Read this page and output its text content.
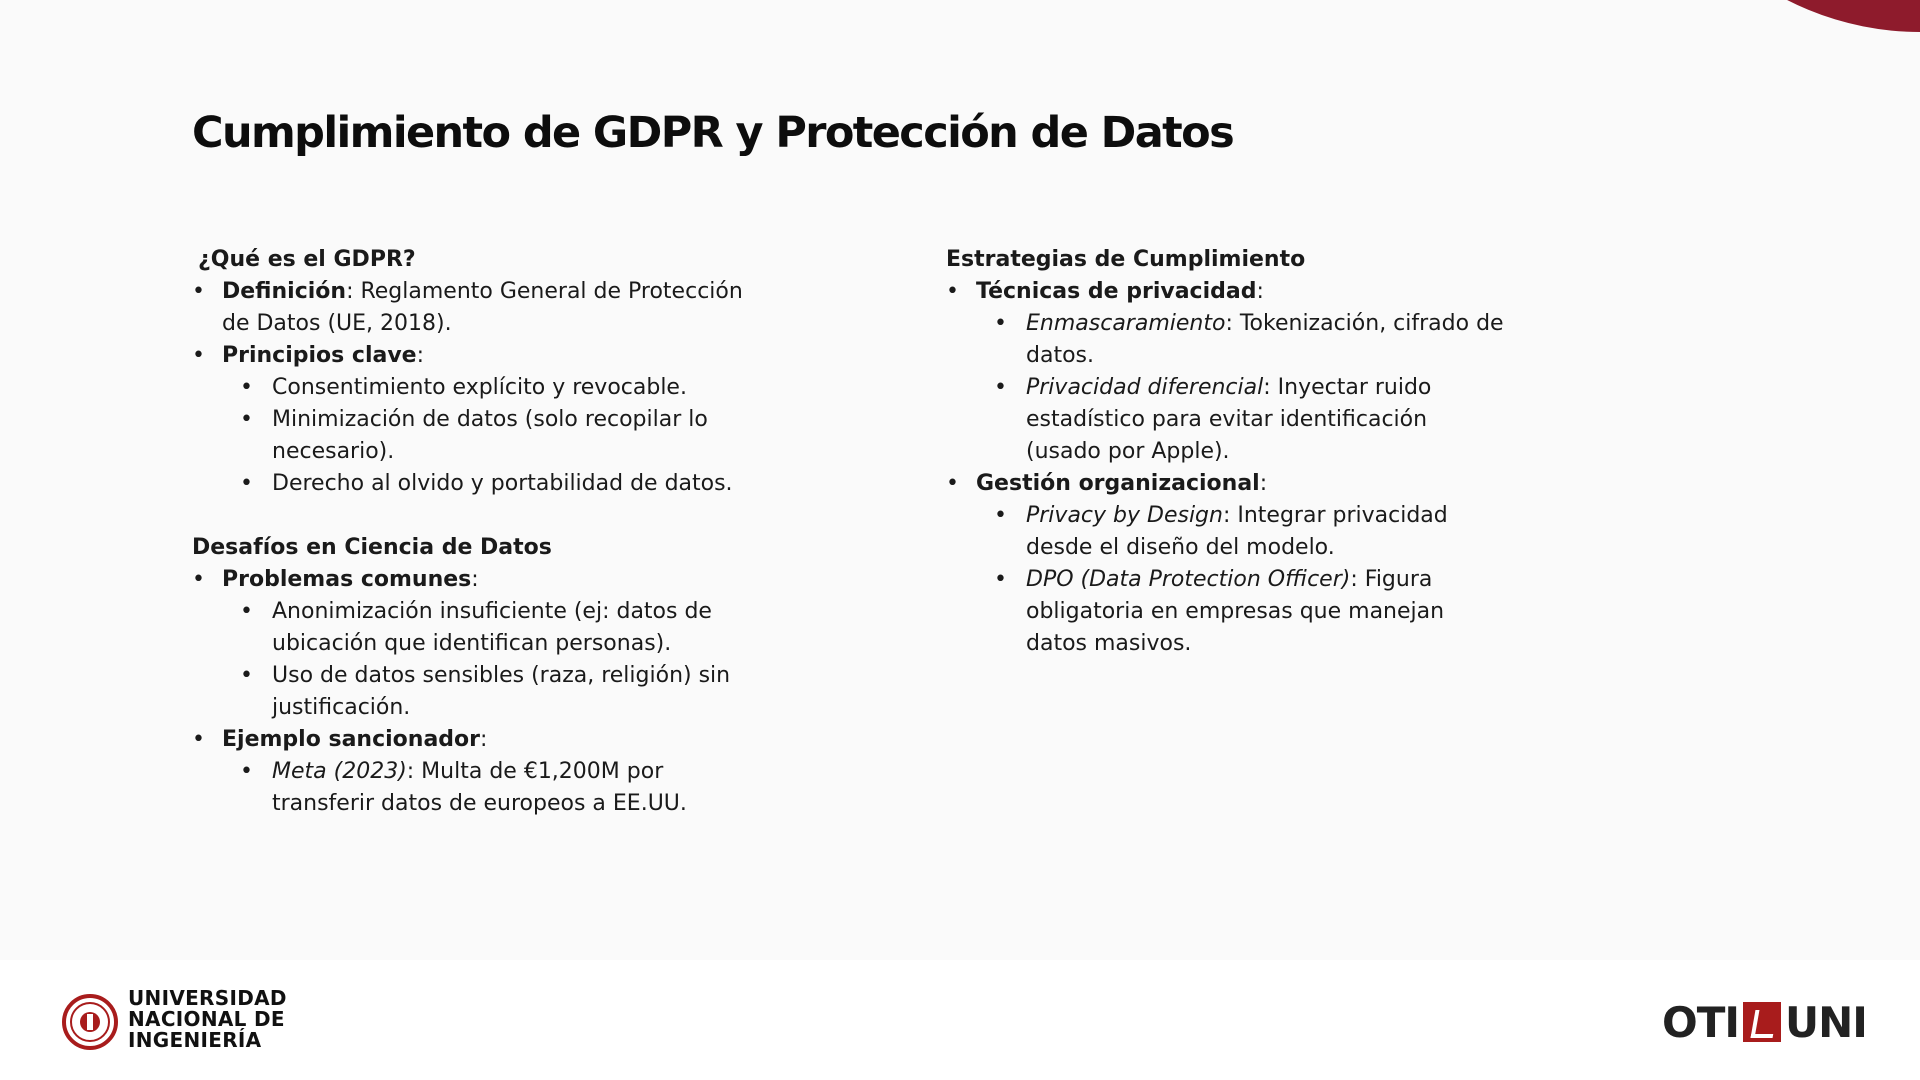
Cumplimiento de GDPR y Protección de Datos

¿Qué es el GDPR?

• Definición: Reglamento General de Protección de Datos (UE, 2018).
• Principios clave:
• Consentimiento explícito y revocable.
• Minimización de datos (solo recopilar lo necesario).
• Derecho al olvido y portabilidad de datos.

Desafíos en Ciencia de Datos

• Problemas comunes:
• Anonimización insuficiente (ej: datos de ubicación que identifican personas).
• Uso de datos sensibles (raza, religión) sin justificación.
• Ejemplo sancionador:
• Meta (2023): Multa de €1,200M por transferir datos de europeos a EE.UU.

Estrategias de Cumplimiento

• Técnicas de privacidad:
• Enmascaramiento: Tokenización, cifrado de datos.
• Privacidad diferencial: Inyectar ruido estadístico para evitar identificación (usado por Apple).
• Gestión organizacional:
• Privacy by Design: Integrar privacidad desde el diseño del modelo.
• DPO (Data Protection Officer): Figura obligatoria en empresas que manejan datos masivos.
UNIVERSIDAD
NACIONAL DE
INGENIERÍA	OTI UNI
